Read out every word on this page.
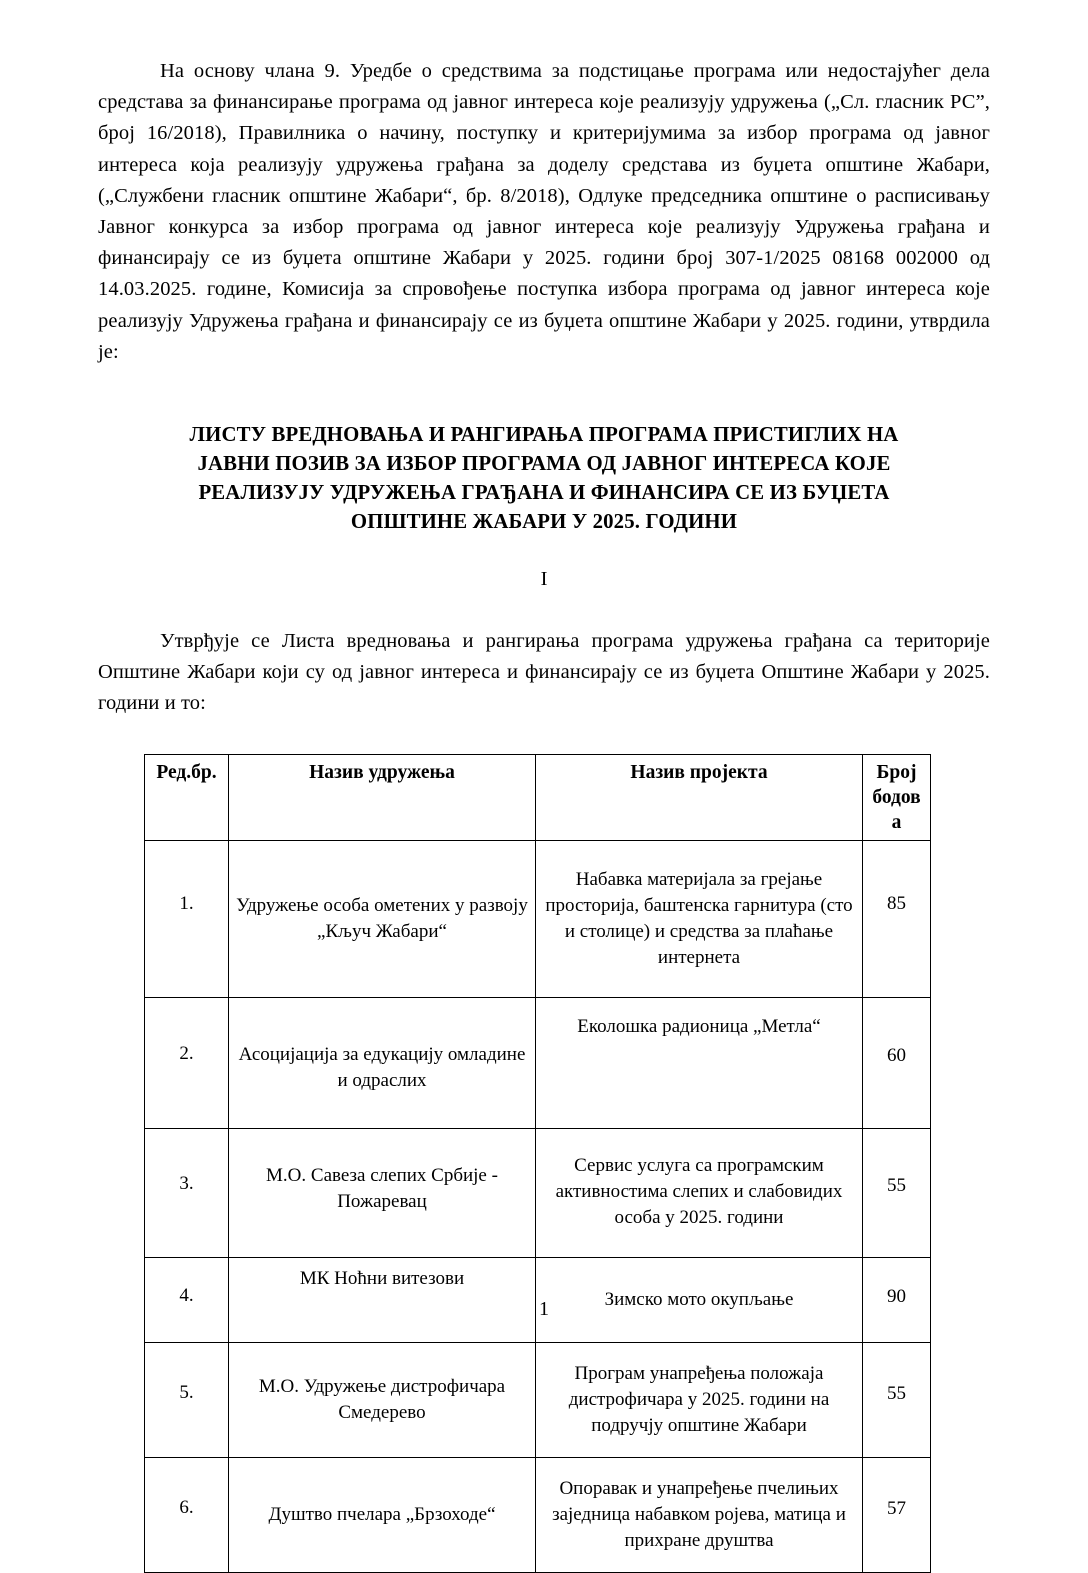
На основу члана 9. Уредбе о средствима за подстицање програма или недостајућег дела средстава за финансирање програма од јавног интереса које реализују удружења („Сл. гласник РС”, број 16/2018), Правилника о начину, поступку и критеријумима за избор програма од јавног интереса која реализују удружења грађана за доделу средстава из буџета општине Жабари, („Службени гласник општине Жабари“, бр. 8/2018), Одлуке председника општине о расписивању Јавног конкурса за избор програма од јавног интереса које реализују Удружења грађана и финансирају се из буџета општине Жабари у 2025. години број 307-1/2025 08168 002000 од 14.03.2025. године, Комисија за спровођење поступка избора програма од јавног интереса које реализују Удружења грађана и финансирају се из буџета општине Жабари у 2025. години, утврдила је:

ЛИСТУ ВРЕДНОВАЊА И РАНГИРАЊА ПРОГРАМА ПРИСТИГЛИХ НА
ЈАВНИ ПОЗИВ ЗА ИЗБОР ПРОГРАМА ОД ЈАВНОГ ИНТЕРЕСА КОЈЕ
РЕАЛИЗУЈУ УДРУЖЕЊА ГРАЂАНА И ФИНАНСИРА СЕ ИЗ БУЏЕТА
ОПШТИНЕ ЖАБАРИ У 2025. ГОДИНИ

I

Утврђује се Листа вредновања и рангирања програма удружења грађана са територије Општине Жабари који су од јавног интереса и финансирају се из буџета Општине Жабари у 2025. години и то:

Ред.бр.	Назив удружења	Назив пројекта	Број
бодова
1.	Удружење особа ометених у развоју „Кључ Жабари“	Набавка материјала за грејање просторија, баштенска гарнитура (сто и столице) и средства за плаћање интернета	85
2.	Асоцијација за едукацију омладине и одраслих	Еколошка радионица „Метла“	60
3.	М.О. Савеза слепих Србије - Пожаревац	Сервис услуга са програмским активностима слепих и слабовидих особа у 2025. години	55
4.	МК Ноћни витезови	Зимско мото окупљање	90
5.	М.О. Удружење дистрофичара Смедерево	Програм унапређења положаја дистрофичара у 2025. години на подручју општине Жабари	55
6.	Душтво пчелара „Брзоходе“	Опоравак и унапређење пчелињих заједница набавком ројева, матица и прихране друштва	57
1
